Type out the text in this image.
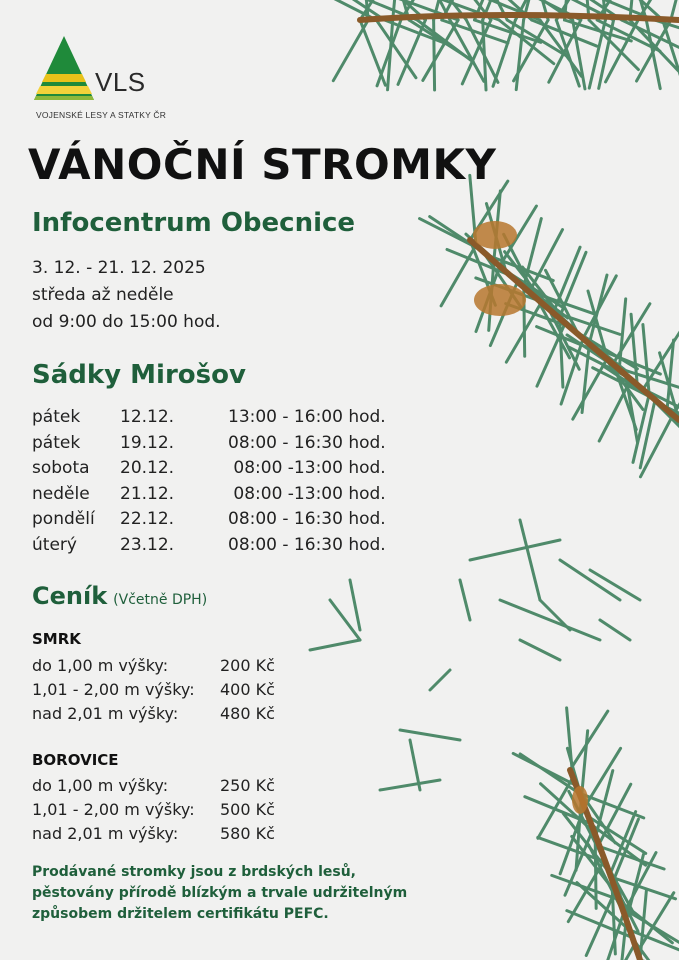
VLS
VOJENSKÉ LESY A STATKY ČR
VÁNOČNÍ STROMKY
Infocentrum Obecnice
3. 12. - 21. 12. 2025
středa až neděle
od 9:00 do 15:00 hod.
Sádky Mirošov
pátek 12.12.	13:00 - 16:00 hod.
pátek 19.12.	08:00 - 16:30 hod.
sobota 20.12.	08:00 -13:00 hod.
neděle 21.12.	08:00 -13:00 hod.
pondělí 22.12.	08:00 - 16:30 hod.
úterý	23.12.	08:00 - 16:30 hod.
Ceník (Včetně DPH)
SMRK
do 1,00 m výšky:	200 Kč
1,01 - 2,00 m výšky: 400 Kč
nad 2,01 m výšky:	480 Kč
BOROVICE
do 1,00 m výšky:	250 Kč
1,01 - 2,00 m výšky: 500 Kč
nad 2,01 m výšky:	580 Kč
Prodávané stromky jsou z brdských lesů,
pěstovány přírodě blízkým a trvale udržitelným
způsobem držitelem certifikátu PEFC.
